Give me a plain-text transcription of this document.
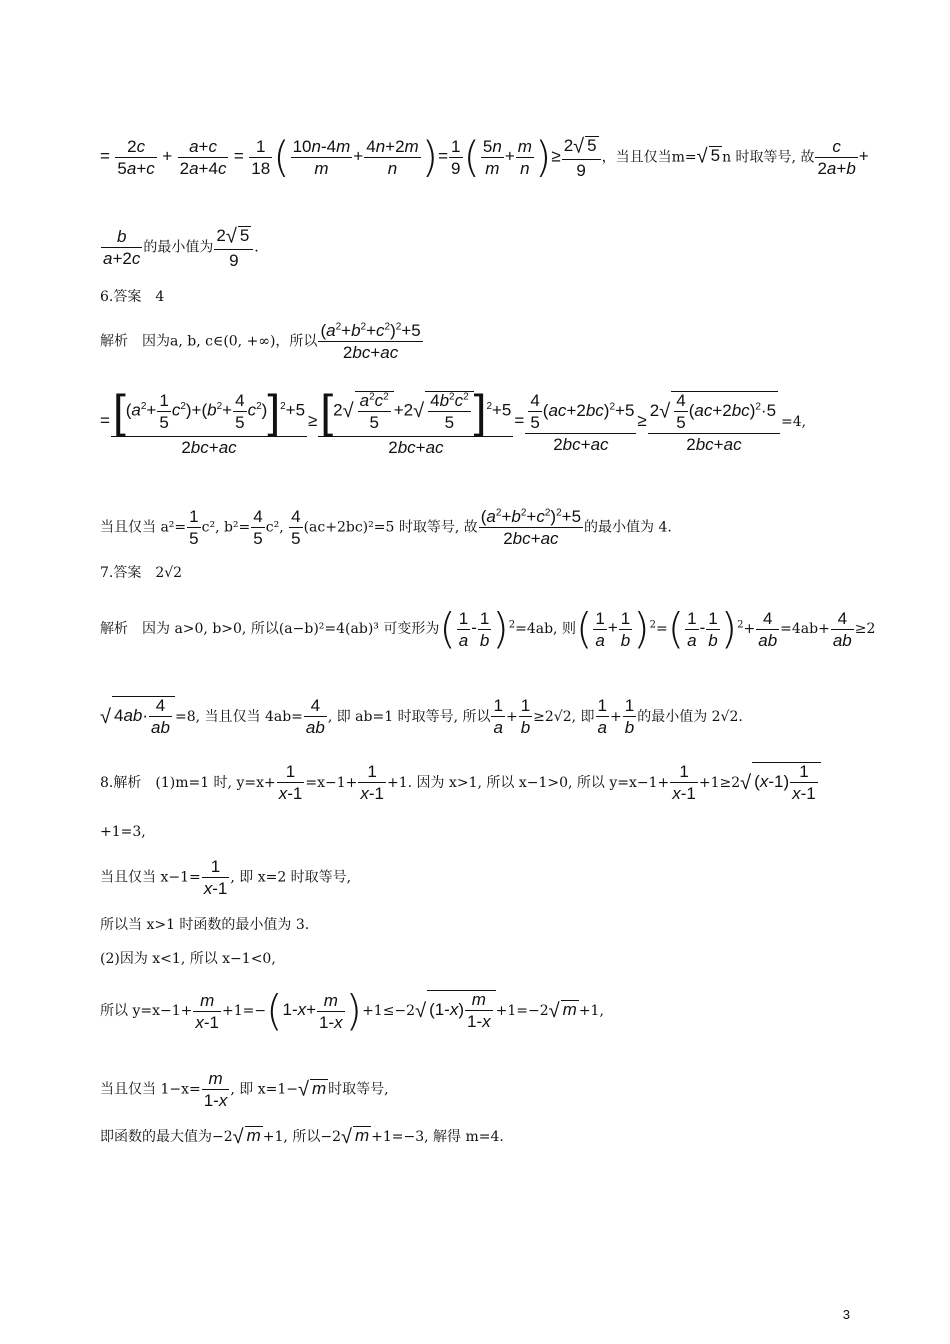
= $\frac{2c}{5a+c} + \frac{a+c}{2a+4c} = \frac{1}{18}$ ( $\frac{10n-4m}{m} + \frac{4n+2m}{n}$ )= $\frac{1}{9}$ ( $\frac{5n}{m} + \frac{m}{n}$ )≥ $\frac{2√ 5}{9}$ ，当且仅当m=√ 5 n 时取等号, 故 $\frac{c}{2a+b}$ +
$\frac{b}{a+2c}$ 的最小值为 $\frac{2√ 5}{9}$ .
6.答案　4
解析　因为a, b, c∈(0, +∞)，所以 $\frac{(a^2+b^2+c^2)^2+5}{2bc+ac}$
= $\frac{[(a^2+ \frac{1}{5} c^2)+(b^2+ \frac{4}{5} c^2)]^2+5}{2bc+ac} \ge \frac{[2√ \frac{a^2c^2}{5} +2√ \frac{4b^2c^2}{5} ]^2+5}{2bc+ac} = \frac{\frac{4}{5} (ac+2bc)^2+5}{2bc+ac} \ge \frac{2√ \frac{4}{5} (ac+2bc)^2\cdot 5}{2bc+ac} =4$,
当且仅当 $a^2= \frac{1}{5} c^2$, $b^2= \frac{4}{5} c^2$, $\frac{4}{5} (ac+2bc)^2=5$ 时取等号, 故 $\frac{(a^2+b^2+c^2)^2+5}{2bc+ac}$ 的最小值为 4.
7.答案　2√2
解析　因为 a>0, b>0, 所以(a−b)²=4(ab)³ 可变形为( $\frac{1}{a} - \frac{1}{b} )^2=4ab$, 则( $\frac{1}{a} + \frac{1}{b} )^2=( \frac{1}{a} - \frac{1}{b} )^2+ \frac{4}{ab} =4ab+ \frac{4}{ab} \ge 2$
√ $4ab\cdot \frac{4}{ab} =8$, 当且仅当 $4ab= \frac{4}{ab}$ , 即 ab=1 时取等号, 所以 $\frac{1}{a} + \frac{1}{b} \ge 2√2$, 即 $\frac{1}{a} + \frac{1}{b}$ 的最小值为 2√2.
8.解析　(1)m=1 时, $y=x+ \frac{1}{x-1} =x-1+ \frac{1}{x-1} +1$. 因为 x>1, 所以 x−1>0, 所以 $y=x-1+ \frac{1}{x-1} +1\ge 2√$ $(x-1) \frac{1}{x-1}$
+1=3,
当且仅当 $x-1= \frac{1}{x-1}$ , 即 x=2 时取等号,
所以当 x>1 时函数的最小值为 3.
(2)因为 x<1, 所以 x−1<0,
所以 $y=x-1+ \frac{m}{x-1} +1=-(1-x+ \frac{m}{1-x} )+1\le-2√$ $(1-x) \frac{m}{1-x} +1=-2√$ m +1,
当且仅当 $1-x= \frac{m}{1-x}$ , 即 x=1−√ m 时取等号,
即函数的最大值为−2√ m +1, 所以−2√ m +1=−3, 解得 m=4.
3
